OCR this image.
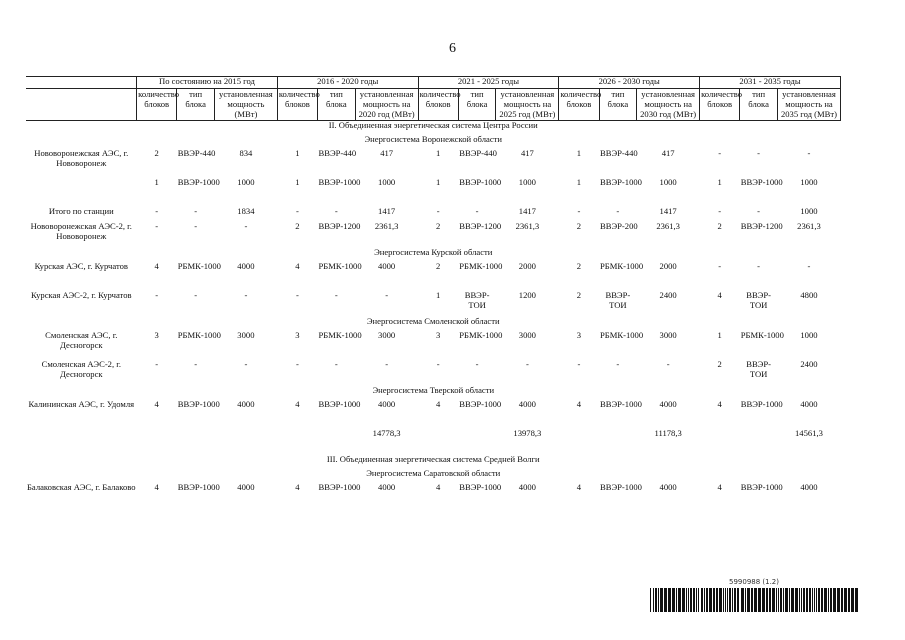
6
	По состоянию на 2015 год			2016 - 2020 годы			2021 - 2025 годы			2026 - 2030 годы			2031 - 2035 годы		
	количество блоков	тип блока	установленная мощность (МВт)	количество блоков	тип блока	установленная мощность на 2020 год (МВт)	количество блоков	тип блока	установленная мощность на 2025 год (МВт)	количество блоков	тип блока	установленная мощность на 2030 год (МВт)	количество блоков	тип блока	установленная мощность на 2035 год (МВт)
II. Объединенная энергетическая система Центра России															
Энергосистема Воронежской области															
Нововоронежская АЭС, г. Нововоронеж	2	ВВЭР-440	834	1	ВВЭР-440	417	1	ВВЭР-440	417	1	ВВЭР-440	417	-	-	-
	1	ВВЭР-1000	1000	1	ВВЭР-1000	1000	1	ВВЭР-1000	1000	1	ВВЭР-1000	1000	1	ВВЭР-1000	1000
Итого по станции	-	-	1834	-	-	1417	-	-	1417	-	-	1417	-	-	1000
Нововоронежская АЭС-2, г. Нововоронеж	-	-	-	2	ВВЭР-1200	2361,3	2	ВВЭР-1200	2361,3	2	ВВЭР-200	2361,3	2	ВВЭР-1200	2361,3
Энергосистема Курской области															
Курская АЭС, г. Курчатов	4	РБМК-1000	4000	4	РБМК-1000	4000	2	РБМК-1000	2000	2	РБМК-1000	2000	-	-	-
Курская АЭС-2, г. Курчатов	-	-	-	-	-	-	1	ВВЭР-ТОИ	1200	2	ВВЭР-ТОИ	2400	4	ВВЭР-ТОИ	4800
Энергосистема Смоленской области															
Смоленская АЭС, г. Десногорск	3	РБМК-1000	3000	3	РБМК-1000	3000	3	РБМК-1000	3000	3	РБМК-1000	3000	1	РБМК-1000	1000
Смоленская АЭС-2, г. Десногорск	-	-	-	-	-	-	-	-	-	-	-	-	2	ВВЭР-ТОИ	2400
Энергосистема Тверской области															
Калининская АЭС, г. Удомля	4	ВВЭР-1000	4000	4	ВВЭР-1000	4000	4	ВВЭР-1000	4000	4	ВВЭР-1000	4000	4	ВВЭР-1000	4000
						14778,3			13978,3			11178,3			14561,3

III. Объединенная энергетическая система Средней Волги															
Энергосистема Саратовской области															
Балаковская АЭС, г. Балаково	4	ВВЭР-1000	4000	4	ВВЭР-1000	4000	4	ВВЭР-1000	4000	4	ВВЭР-1000	4000	4	ВВЭР-1000	4000
5990988 (1.2)
